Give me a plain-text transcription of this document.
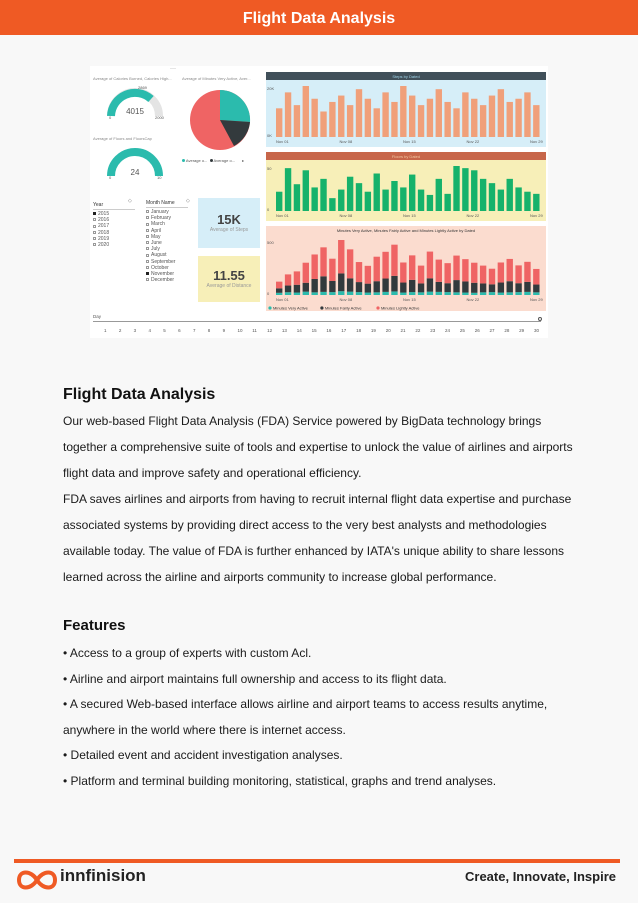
Flight Data Analysis
Average of Calories Burned, Calories High...
···
4015
0	2000
2869
Average of Floors and FloorsCap
24
0	10
Average of Minutes Very Active, Aver...
Average o... Average o... ▸
Year
2015
2016
2017
2018
2019
2020
◇	Month Name
January
February
March
April
May
June
July
August
September
October
November
December
◇
15K
Average of Steps
11.55
Average of Distance
Steps by Dated
20K
0K
Nov 01	Nov 08	Nov 15	Nov 22	Nov 29
Floors by Dated
50
0
Nov 01	Nov 08	Nov 15	Nov 22	Nov 29
Minutes Very Active, Minutes Fairly Active and Minutes Lightly Active by Dated
500
0
Nov 01	Nov 08	Nov 15	Nov 22	Nov 29
Minutes Very Active	Minutes Fairly Active	Minutes Lightly Active
Day
1	2	3	4	5	6	7	8	9	10 11 12 13 14 15 16 17 18 19 20 21 22 23 24 25 26 27 28 29 30
Flight Data Analysis
Our web-based Flight Data Analysis (FDA) Service powered by BigData technology brings together a comprehensive suite of tools and expertise to unlock the value of airlines and airports flight data and improve safety and operational efficiency.
FDA saves airlines and airports from having to recruit internal flight data expertise and purchase associated systems by providing direct access to the very best analysts and methodologies available today. The value of FDA is further enhanced by IATA's unique ability to share lessons learned across the airline and airports community to increase global performance.
Features
• Access to a group of experts with custom Acl.
• Airline and airport maintains full ownership and access to its flight data.
• A secured Web-based interface allows airline and airport teams to access results anytime, anywhere in the world where there is internet access.
• Detailed event and accident investigation analyses.
• Platform and terminal building monitoring, statistical, graphs and trend analyses.
innfinision	Create, Innovate, Inspire
